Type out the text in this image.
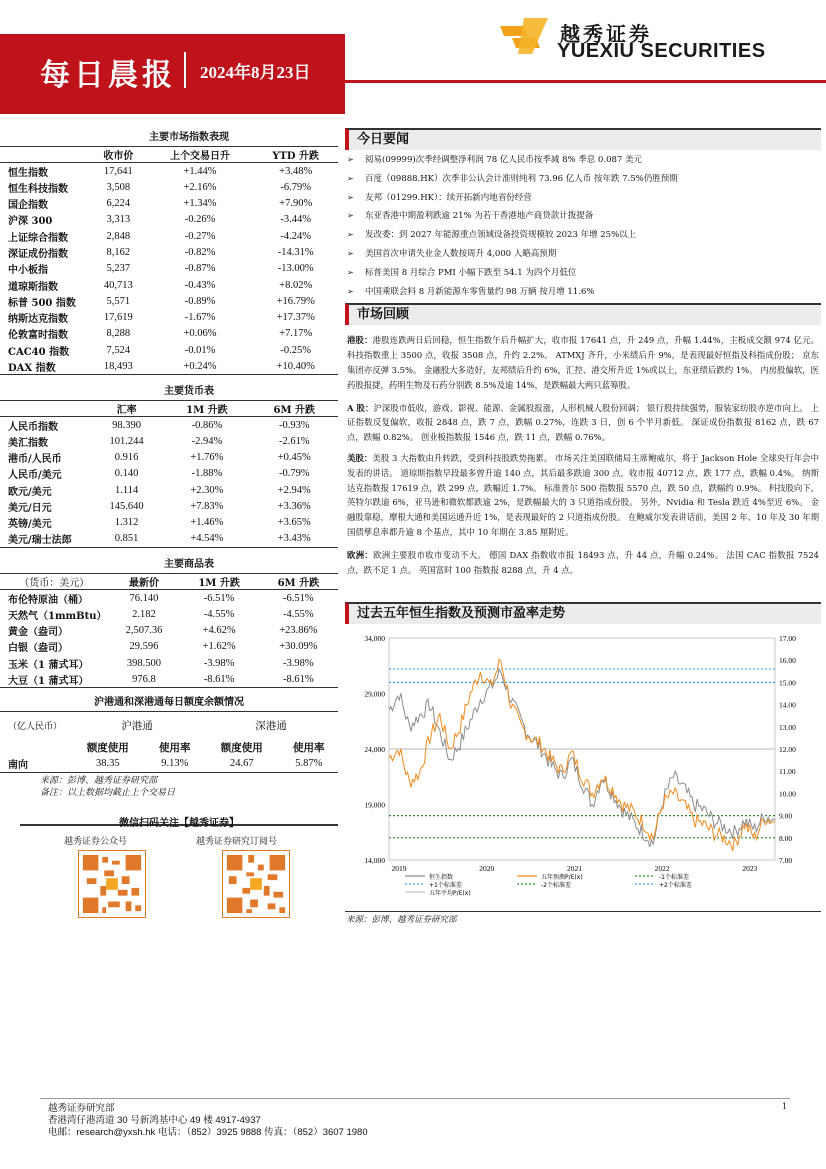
越秀证券
YUEXIU SECURITIES
每日晨报 2024年8月23日
主要市场指数表现
	收市价	上个交易日升	YTD 升跌
恒生指数	17,641	+1.44%	+3.48%
恒生科技指数	3,508	+2.16%	-6.79%
国企指数	6,224	+1.34%	+7.90%
沪深 300	3,313	-0.26%	-3.44%
上证综合指数	2,848	-0.27%	-4.24%
深证成份指数	8,162	-0.82%	-14.31%
中小板指	5,237	-0.87%	-13.00%
道琼斯指数	40,713	-0.43%	+8.02%
标普 500 指数	5,571	-0.89%	+16.79%
纳斯达克指数	17,619	-1.67%	+17.37%
伦敦富时指数	8,288	+0.06%	+7.17%
CAC40 指数	7,524	-0.01%	-0.25%
DAX 指数	18,493	+0.24%	+10.40%
主要货币表
	汇率	1M 升跌	6M 升跌
人民币指数	98.390	-0.86%	-0.93%
美汇指数	101.244	-2.94%	-2.61%
港币/人民币	0.916	+1.76%	+0.45%
人民币/美元	0.140	-1.88%	-0.79%
欧元/美元	1.114	+2.30%	+2.94%
美元/日元	145.640	+7.83%	+3.36%
英镑/美元	1.312	+1.46%	+3.65%
美元/瑞士法郎	0.851	+4.54%	+3.43%
主要商品表
（货币：美元）	最新价	1M 升跌	6M 升跌
布伦特原油（桶）	76.140	-6.51%	-6.51%
天然气（1mmBtu）	2.182	-4.55%	-4.55%
黄金（盎司）	2,507.36	+4.62%	+23.86%
白银（盎司）	29.596	+1.62%	+30.09%
玉米（1 蒲式耳）	398.500	-3.98%	-3.98%
大豆（1 蒲式耳）	976.8	-8.61%	-8.61%
沪港通和深港通每日额度余额情况
（亿人民币）	沪港通		深港通	
	额度使用	使用率	额度使用	使用率
南向	38.35	9.13%	24.67	5.87%
来源：彭博、越秀证券研究部
备注：以上数据均截止上个交易日
微信扫码关注【越秀证券】
越秀证券公众号	越秀证券研究订阅号
今日要闻
➢ 阅易(09999)次季经调整净利润 78 亿人民币按季减 8% 季息 0.087 美元
➢ 百度（09888.HK）次季非公认会计准则纯利 73.96 亿人币 按年跌 7.5%仍胜预期
➢ 友邦（01299.HK）：续开拓新内地省份经营
➢ 东亚香港中期盈利跌逾 21% 为若干香港地产商贷款计拨提备
➢ 发改委：到 2027 年能源重点领域设备投资规模较 2023 年增 25%以上
➢ 美国首次申请失业金人数按周升 4,000 人略高预期
➢ 标普美国 8 月综合 PMI 小幅下跌至 54.1 为四个月低位
➢ 中国乘联会料 8 月新能源车零售量约 98 万辆 按月增 11.6%
市场回顾

港股：港股连跌两日后回稳，恒生指数午后升幅扩大，收市报 17641 点，升 249 点，升幅 1.44%，主板成交额 974 亿元。 科技指数重上 3500 点，收报 3508 点，升约 2.2%。 ATMXJ 齐升，小米绩后升 9%，是表现最好恒指及科指成份股； 京东集团亦反弹 3.5%。 金融股大多造好，友邦绩后升约 6%，汇控、港交所升近 1%或以上，东亚绩后跌约 1%。 内房股偏软，医药股报捷，药明生物及石药分别跌 8.5%及逾 14%，是跌幅最大两只蓝筹股。

A 股：沪深股市低收，游戏、影视、能源、金属股报涨，人形机械人股份回调； 银行股持续强势，服装家纺股亦逆市向上。 上证指数反复偏软，收报 2848 点，跌 7 点，跌幅 0.27%，连跌 3 日，创 6 个半月新低。 深证成份指数报 8162 点，跌 67 点，跌幅 0.82%。 创业板指数报 1546 点，跌 11 点，跌幅 0.76%。

美股：美股 3 大指数由升转跌，受到科技股跌势拖累。 市场关注美国联储局主席鲍威尔，将于 Jackson Hole 全球央行年会中发表的讲话。 道琼斯指数早段最多曾升逾 140 点，其后最多跌逾 300 点，收市报 40712 点，跌 177 点，跌幅 0.4%。 纳斯达克指数报 17619 点，跌 299 点，跌幅近 1.7%。 标准普尔 500 指数报 5570 点，跌 50 点，跌幅约 0.9%。 科技股向下，英特尔跌逾 6%，亚马逊和微软都跌逾 2%，是跌幅最大的 3 只道指成份股。 另外，Nvidia 和 Tesla 跌近 4%至近 6%。 金融股靠稳，摩根大通和美国运通升近 1%，是表现最好的 2 只道指成份股。 在鲍威尔发表讲话前，美国 2 年、10 年及 30 年期国债孳息率都升逾 8 个基点，其中 10 年期在 3.85 厘附近。

欧洲：欧洲主要股市收市变动不大。 德国 DAX 指数收市报 18493 点，升 44 点，升幅 0.24%。 法国 CAC 指数报 7524 点，跌不足 1 点。 英国富时 100 指数报 8288 点，升 4 点。

过去五年恒生指数及预测市盈率走势
14,000
19,000
24,000
29,000
34,000
7.00
8.00
9.00
10.00
11.00
12.00
13.00
14.00
15.00
16.00
17.00
2019	2020	2021	2022	2023
恒生指数	五年预测P/E(x)	-1个标准差
+1个标准差	-2个标准差	+2个标准差
五年平均P/E(x)
来源：彭博、越秀证券研究部
越秀证券研究部
香港湾仔港湾道 30 号新鸿基中心 49 楼 4917-4937
电邮：research@yxsh.hk 电话：（852）3925 9888 传真：（852）3607 1980
1
